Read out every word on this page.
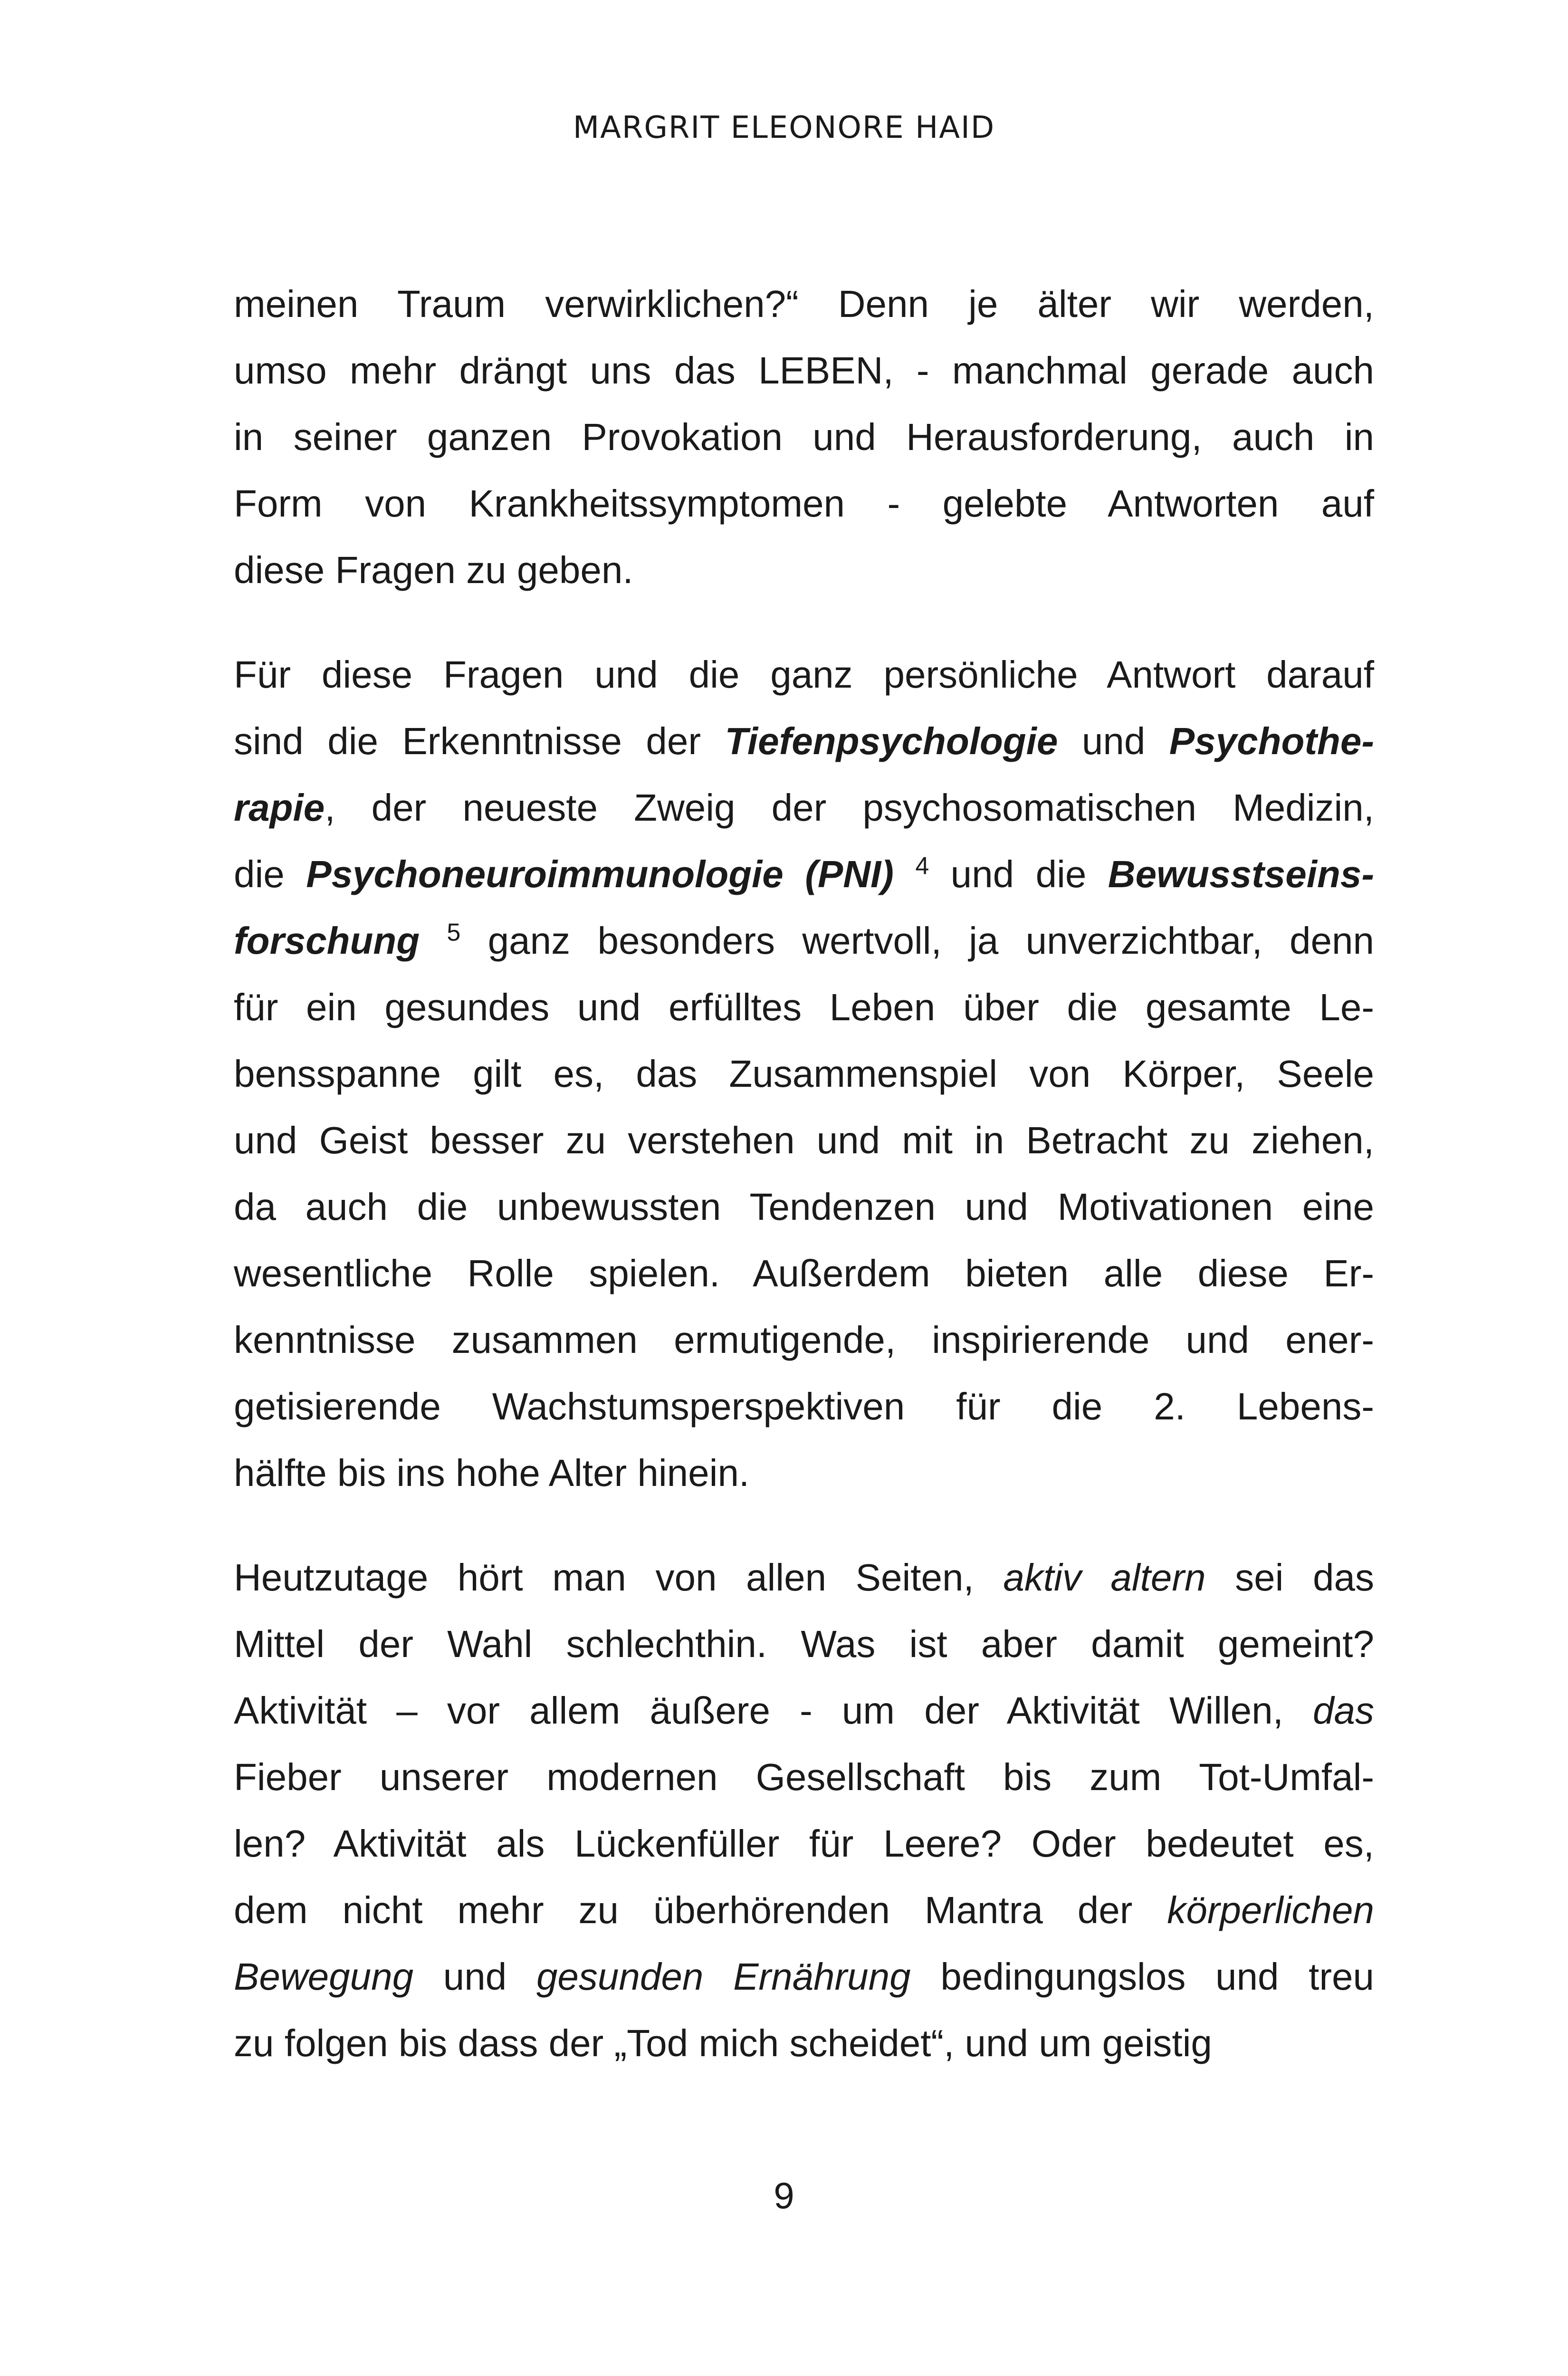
MARGRIT ELEONORE HAID
meinen Traum verwirklichen?“ Denn je älter wir werden,
umso mehr drängt uns das LEBEN, - manchmal gerade auch
in seiner ganzen Provokation und Herausforderung, auch in
Form von Krankheitssymptomen - gelebte Antworten auf
diese Fragen zu geben.
Für diese Fragen und die ganz persönliche Antwort darauf
sind die Erkenntnisse der Tiefenpsychologie und Psychothe-
rapie, der neueste Zweig der psychosomatischen Medizin,
die Psychoneuroimmunologie (PNI) $^4$ und die Bewusstseins-
forschung $^5$ ganz besonders wertvoll, ja unverzichtbar, denn
für ein gesundes und erfülltes Leben über die gesamte Le-
bensspanne gilt es, das Zusammenspiel von Körper, Seele
und Geist besser zu verstehen und mit in Betracht zu ziehen,
da auch die unbewussten Tendenzen und Motivationen eine
wesentliche Rolle spielen. Außerdem bieten alle diese Er-
kenntnisse zusammen ermutigende, inspirierende und ener-
getisierende Wachstumsperspektiven für die 2. Lebens-
hälfte bis ins hohe Alter hinein.
Heutzutage hört man von allen Seiten, aktiv altern sei das
Mittel der Wahl schlechthin. Was ist aber damit gemeint?
Aktivität – vor allem äußere - um der Aktivität Willen, das
Fieber unserer modernen Gesellschaft bis zum Tot-Umfal-
len? Aktivität als Lückenfüller für Leere? Oder bedeutet es,
dem nicht mehr zu überhörenden Mantra der körperlichen
Bewegung und gesunden Ernährung bedingungslos und treu
zu folgen bis dass der „Tod mich scheidet“, und um geistig
9
